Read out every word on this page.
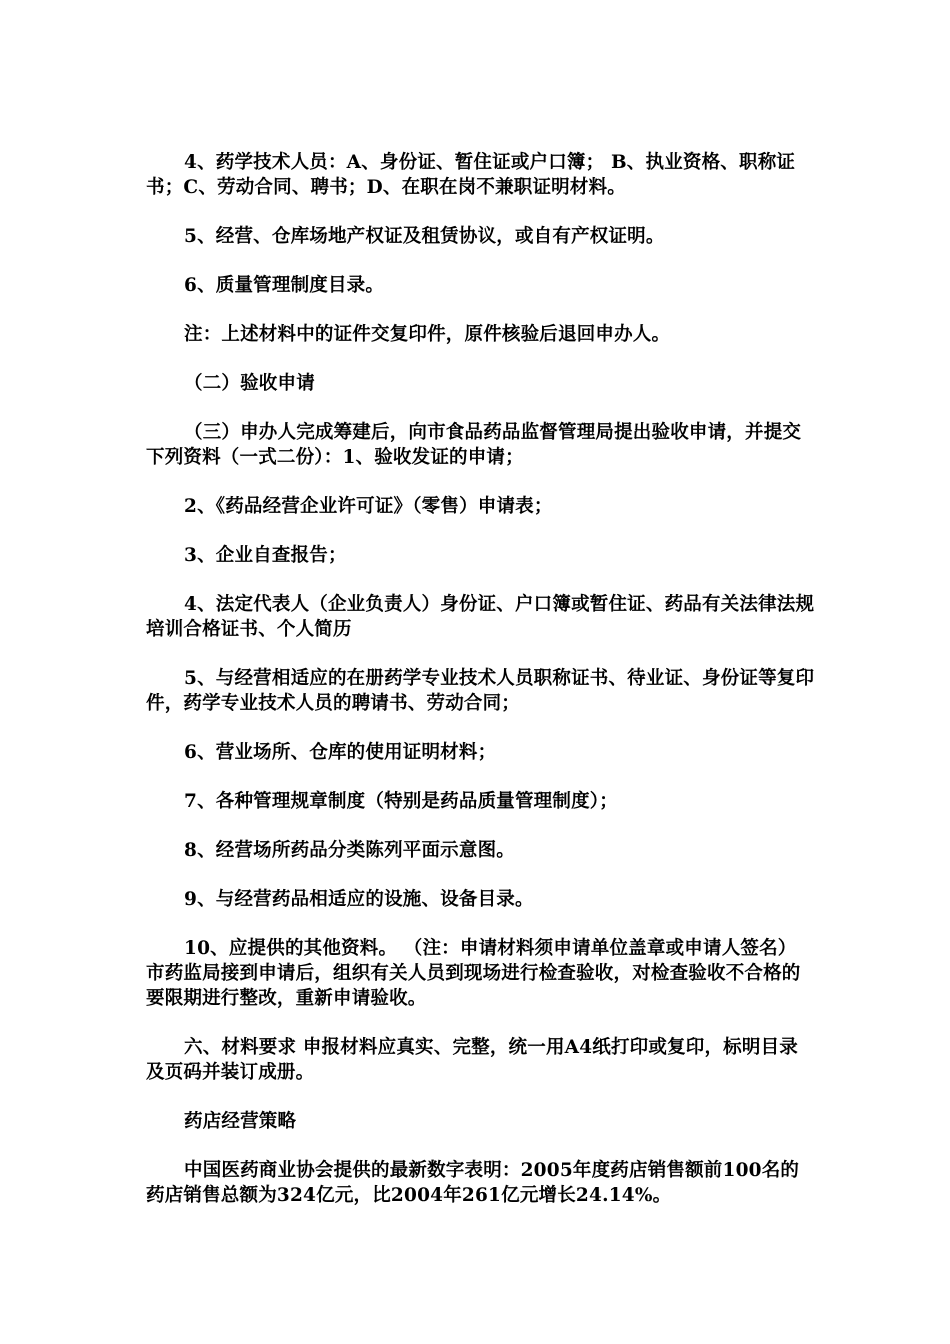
4、药学技术人员：A、身份证、暂住证或户口簿； B、执业资格、职称证书；C、劳动合同、聘书；D、在职在岗不兼职证明材料。

5、经营、仓库场地产权证及租赁协议，或自有产权证明。

6、质量管理制度目录。

注：上述材料中的证件交复印件，原件核验后退回申办人。

（二）验收申请

（三）申办人完成筹建后，向市食品药品监督管理局提出验收申请，并提交下列资料（一式二份）：1、验收发证的申请；

2、《药品经营企业许可证》（零售）申请表；

3、企业自查报告；

4、法定代表人（企业负责人）身份证、户口簿或暂住证、药品有关法律法规培训合格证书、个人简历

5、与经营相适应的在册药学专业技术人员职称证书、待业证、身份证等复印件，药学专业技术人员的聘请书、劳动合同；

6、营业场所、仓库的使用证明材料；

7、各种管理规章制度（特别是药品质量管理制度）；

8、经营场所药品分类陈列平面示意图。

9、与经营药品相适应的设施、设备目录。

10、应提供的其他资料。 （注：申请材料须申请单位盖章或申请人签名） 市药监局接到申请后，组织有关人员到现场进行检查验收，对检查验收不合格的要限期进行整改，重新申请验收。

六、材料要求 申报材料应真实、完整，统一用A4纸打印或复印，标明目录及页码并装订成册。

药店经营策略

中国医药商业协会提供的最新数字表明：2005年度药店销售额前100名的药店销售总额为324亿元，比2004年261亿元增长24.14%。
